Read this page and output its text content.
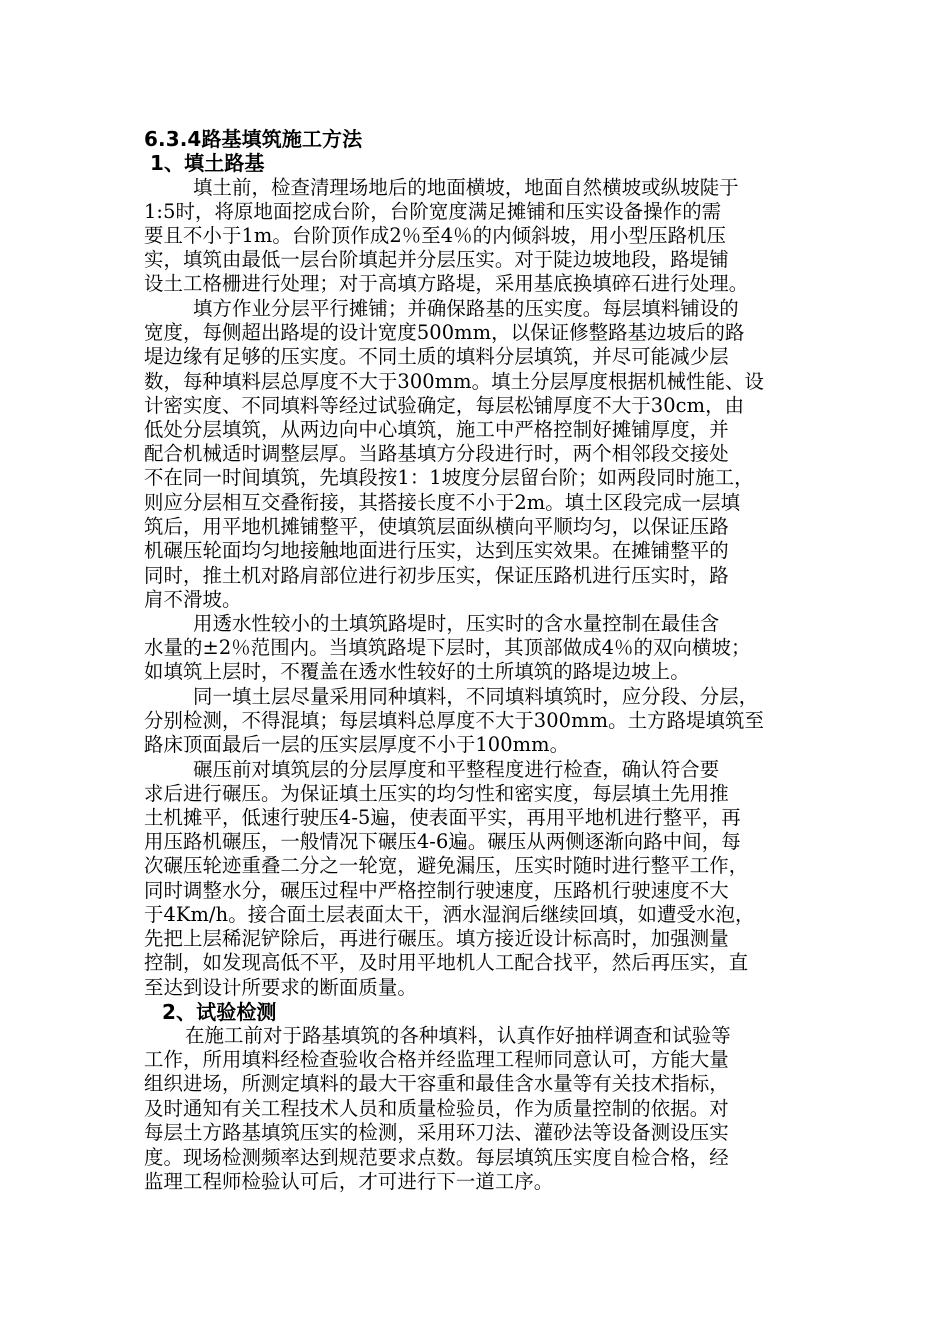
6.3.4路基填筑施工方法
1、填土路基
填土前，检查清理场地后的地面横坡，地面自然横坡或纵坡陡于
1:5时，将原地面挖成台阶，台阶宽度满足摊铺和压实设备操作的需
要且不小于1m。台阶顶作成2％至4％的内倾斜坡，用小型压路机压
实，填筑由最低一层台阶填起并分层压实。对于陡边坡地段，路堤铺
设土工格栅进行处理；对于高填方路堤，采用基底换填碎石进行处理。
填方作业分层平行摊铺；并确保路基的压实度。每层填料铺设的
宽度，每侧超出路堤的设计宽度500mm，以保证修整路基边坡后的路
堤边缘有足够的压实度。不同土质的填料分层填筑，并尽可能减少层
数，每种填料层总厚度不大于300mm。填土分层厚度根据机械性能、设
计密实度、不同填料等经过试验确定，每层松铺厚度不大于30cm，由
低处分层填筑，从两边向中心填筑，施工中严格控制好摊铺厚度，并
配合机械适时调整层厚。当路基填方分段进行时，两个相邻段交接处
不在同一时间填筑，先填段按1：1坡度分层留台阶；如两段同时施工，
则应分层相互交叠衔接，其搭接长度不小于2m。填土区段完成一层填
筑后，用平地机摊铺整平，使填筑层面纵横向平顺均匀，以保证压路
机碾压轮面均匀地接触地面进行压实，达到压实效果。在摊铺整平的
同时，推土机对路肩部位进行初步压实，保证压路机进行压实时，路
肩不滑坡。
用透水性较小的土填筑路堤时，压实时的含水量控制在最佳含
水量的±2％范围内。当填筑路堤下层时，其顶部做成4％的双向横坡；
如填筑上层时，不覆盖在透水性较好的土所填筑的路堤边坡上。
同一填土层尽量采用同种填料，不同填料填筑时，应分段、分层，
分别检测，不得混填；每层填料总厚度不大于300mm。土方路堤填筑至
路床顶面最后一层的压实层厚度不小于100mm。
碾压前对填筑层的分层厚度和平整程度进行检查，确认符合要
求后进行碾压。为保证填土压实的均匀性和密实度，每层填土先用推
土机摊平，低速行驶压4-5遍，使表面平实，再用平地机进行整平，再
用压路机碾压，一般情况下碾压4-6遍。碾压从两侧逐渐向路中间，每
次碾压轮迹重叠二分之一轮宽，避免漏压，压实时随时进行整平工作，
同时调整水分，碾压过程中严格控制行驶速度，压路机行驶速度不大
于4Km/h。接合面土层表面太干，洒水湿润后继续回填，如遭受水泡，
先把上层稀泥铲除后，再进行碾压。填方接近设计标高时，加强测量
控制，如发现高低不平，及时用平地机人工配合找平，然后再压实，直
至达到设计所要求的断面质量。
2、试验检测
在施工前对于路基填筑的各种填料，认真作好抽样调查和试验等
工作，所用填料经检查验收合格并经监理工程师同意认可，方能大量
组织进场，所测定填料的最大干容重和最佳含水量等有关技术指标，
及时通知有关工程技术人员和质量检验员，作为质量控制的依据。对
每层土方路基填筑压实的检测，采用环刀法、灌砂法等设备测设压实
度。现场检测频率达到规范要求点数。每层填筑压实度自检合格，经
监理工程师检验认可后，才可进行下一道工序。
